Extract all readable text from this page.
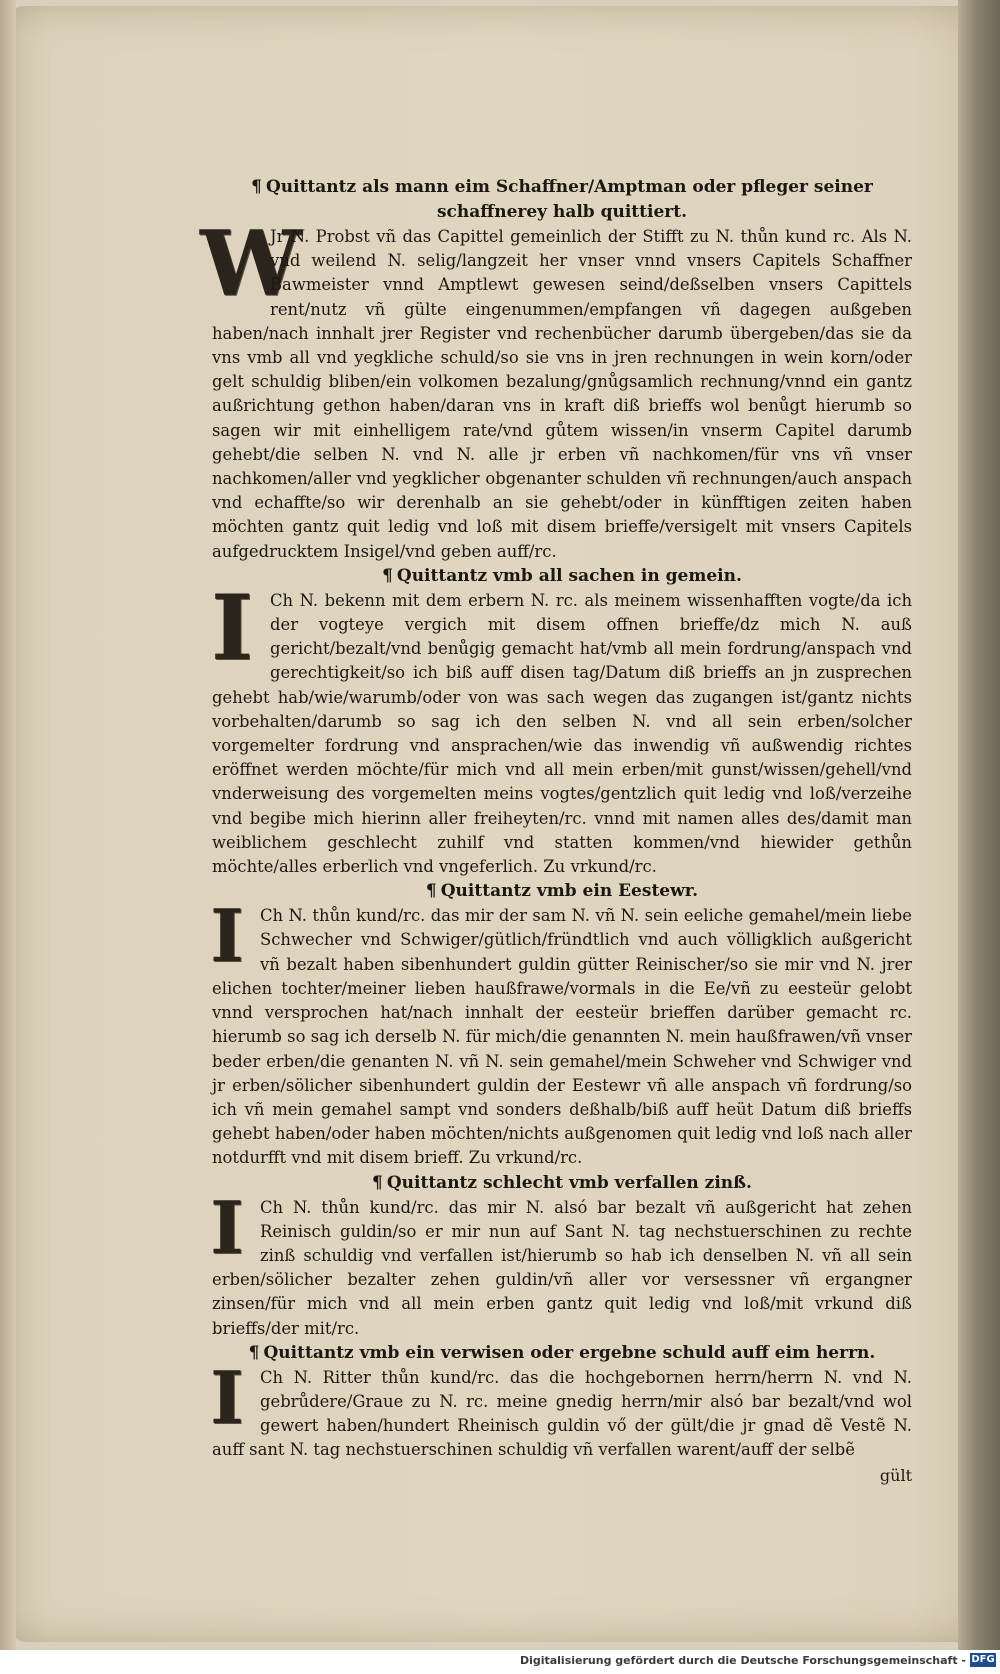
¶ Quittantz als mann eim Schaffner/Amptman oder pfleger seiner schaffnerey halb quittiert.
W

Jr N. Probst vñ das Capittel gemeinlich der Stifft zu N. thůn kund rc. Als N. vnd weilend N. selig/langzeit her vnser vnnd vnsers Capitels Schaffner Bawmeister vnnd Amptlewt gewesen seind/deßselben vnsers Capittels rent/nutz vñ gülte eingenummen/empfangen vñ dagegen außgeben haben/nach innhalt jrer Register vnd rechenbücher darumb übergeben/das sie da vns vmb all vnd yegkliche schuld/so sie vns in jren rechnungen in wein korn/oder gelt schuldig bliben/ein volkomen bezalung/gnůgsamlich rechnung/vnnd ein gantz außrichtung gethon haben/daran vns in kraft diß brieffs wol benůgt hierumb so sagen wir mit einhelligem rate/vnd gůtem wissen/in vnserm Capitel darumb gehebt/die selben N. vnd N. alle jr erben vñ nachkomen/für vns vñ vnser nachkomen/aller vnd yegklicher obgenanter schulden vñ rechnungen/auch anspach vnd echaffte/so wir derenhalb an sie gehebt/oder in künfftigen zeiten haben möchten gantz quit ledig vnd loß mit disem brieffe/versigelt mit vnsers Capitels aufgedrucktem Insigel/vnd geben auff/rc.

¶ Quittantz vmb all sachen in gemein.
I	Ch N. bekenn mit dem erbern N. rc. als meinem wissenhafften vogte/da ich der vogteye vergich mit disem offnen brieffe/dz mich N. auß gericht/bezalt/vnd benůgig gemacht hat/vmb all mein fordrung/anspach vnd gerechtigkeit/so ich biß auff disen tag/Datum diß brieffs an jn zusprechen gehebt hab/wie/warumb/oder von was sach wegen das zugangen ist/gantz nichts vorbehalten/darumb so sag ich den selben N. vnd all sein erben/solcher vorgemelter fordrung vnd ansprachen/wie das inwendig vñ außwendig richtes eröffnet werden möchte/für mich vnd all mein erben/mit gunst/wissen/gehell/vnd vnderweisung des vorgemelten meins vogtes/gentzlich quit ledig vnd loß/verzeihe vnd begibe mich hierinn aller freiheyten/rc. vnnd mit namen alles des/damit man weiblichem geschlecht zuhilf vnd statten kommen/vnd hiewider gethůn möchte/alles erberlich vnd vngeferlich. Zu vrkund/rc.

¶ Quittantz vmb ein Eestewr.
I Ch N. thůn kund/rc. das mir der sam N. vñ N. sein eeliche gemahel/mein liebe Schwecher vnd Schwiger/gütlich/fründtlich vnd auch völligklich außgericht vñ bezalt haben sibenhundert guldin gütter Reinischer/so sie mir vnd N. jrer elichen tochter/meiner lieben haußfrawe/vormals in die Ee/vñ zu eesteür gelobt vnnd versprochen hat/nach innhalt der eesteür brieffen darüber gemacht rc. hierumb so sag ich derselb N. für mich/die genannten N. mein haußfrawen/vñ vnser beder erben/die genanten N. vñ N. sein gemahel/mein Schweher vnd Schwiger vnd jr erben/sölicher sibenhundert guldin der Eestewr vñ alle anspach vñ fordrung/so ich vñ mein gemahel sampt vnd sonders deßhalb/biß auff heüt Datum diß brieffs gehebt haben/oder haben möchten/nichts außgenomen quit ledig vnd loß nach aller notdurfft vnd mit disem brieff. Zu vrkund/rc.

¶ Quittantz schlecht vmb verfallen zinß.
I Ch N. thůn kund/rc. das mir N. alsó bar bezalt vñ außgericht hat zehen Reinisch guldin/so er mir nun auf Sant N. tag nechstuerschinen zu rechte zinß schuldig vnd verfallen ist/hierumb so hab ich denselben N. vñ all sein erben/sölicher bezalter zehen guldin/vñ aller vor versessner vñ ergangner zinsen/für mich vnd all mein erben gantz quit ledig vnd loß/mit vrkund diß brieffs/der mit/rc.

¶ Quittantz vmb ein verwisen oder ergebne schuld auff eim herrn.
I Ch N. Ritter thůn kund/rc. das die hochgebornen herrn/herrn N. vnd N. gebrůdere/Graue zu N. rc. meine gnedig herrn/mir alsó bar bezalt/vnd wol gewert haben/hundert Rheinisch guldin vő der gült/die jr gnad dẽ Vestẽ N. auff sant N. tag nechstuerschinen schuldig vñ verfallen warent/auff der selbẽ

gült
Digitalisierung gefördert durch die Deutsche Forschungsgemeinschaft - DFG
